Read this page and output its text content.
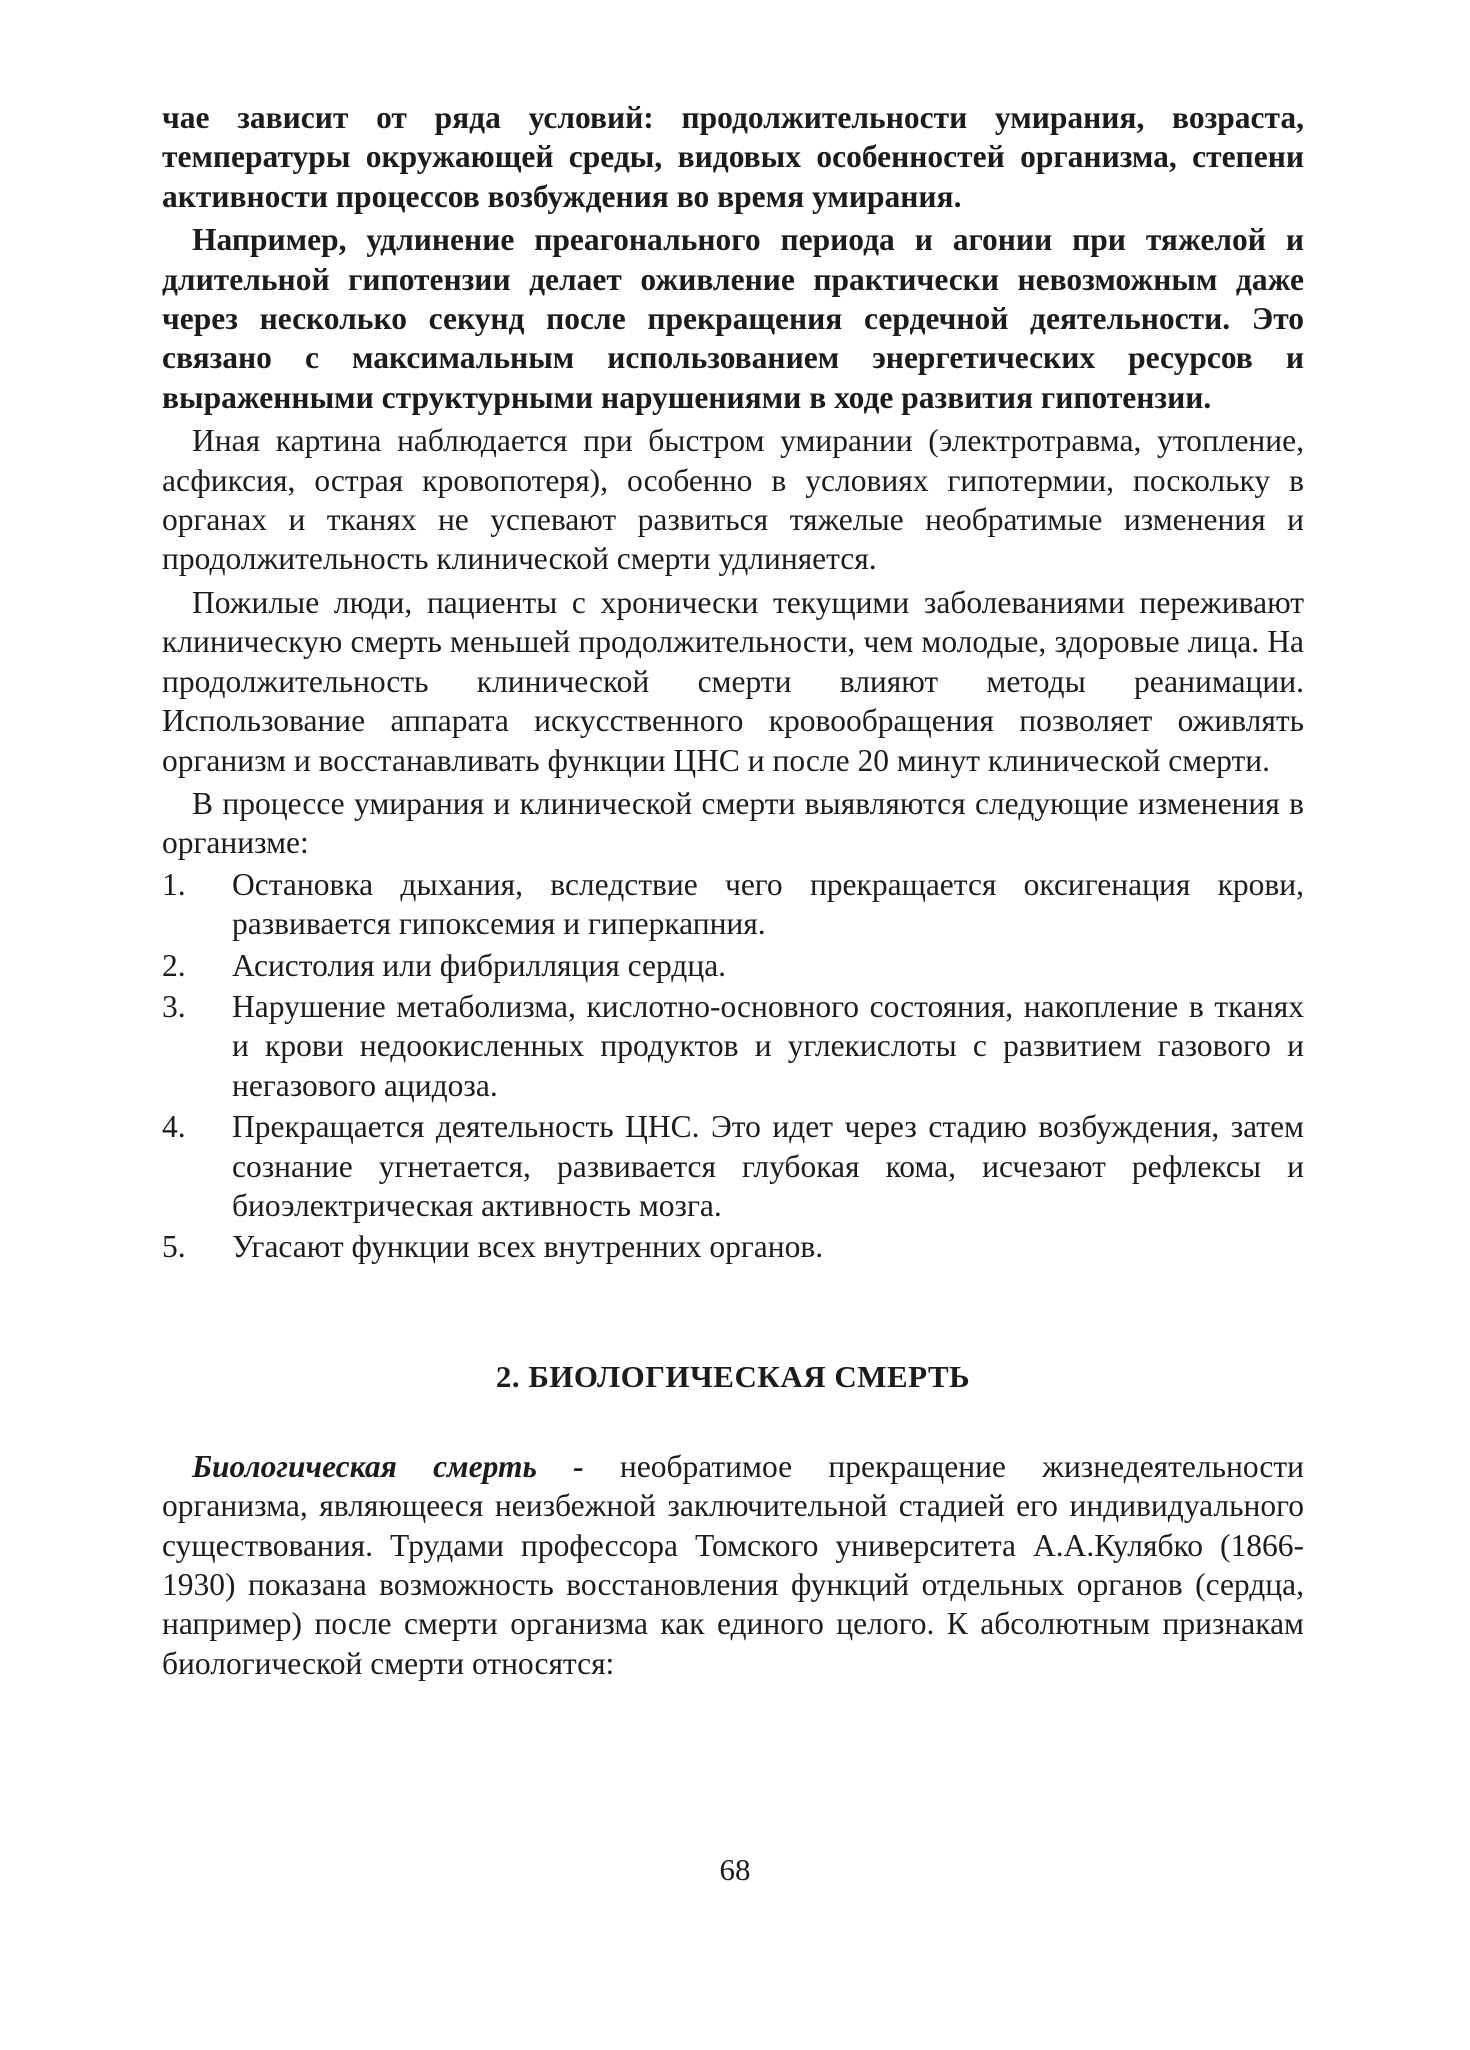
чае зависит от ряда условий: продолжительности умирания, возраста, температуры окружающей среды, видовых особенностей организма, степени активности процессов возбуждения во время умирания.

Например, удлинение преагонального периода и агонии при тяжелой и длительной гипотензии делает оживление практически невозможным даже через несколько секунд после прекращения сердечной деятельности. Это связано с максимальным использованием энергетических ресурсов и выраженными структурными нарушениями в ходе развития гипотензии.

Иная картина наблюдается при быстром умирании (электротравма, утопление, асфиксия, острая кровопотеря), особенно в условиях гипотермии, поскольку в органах и тканях не успевают развиться тяжелые необратимые изменения и продолжительность клинической смерти удлиняется.

Пожилые люди, пациенты с хронически текущими заболеваниями переживают клиническую смерть меньшей продолжительности, чем молодые, здоровые лица. На продолжительность клинической смерти влияют методы реанимации. Использование аппарата искусственного кровообращения позволяет оживлять организм и восстанавливать функции ЦНС и после 20 минут клинической смерти.

В процессе умирания и клинической смерти выявляются следующие изменения в организме:

1.	Остановка дыхания, вследствие чего прекращается оксигенация крови, развивается гипоксемия и гиперкапния.
2.	Асистолия или фибрилляция сердца.
3.	Нарушение метаболизма, кислотно-основного состояния, накопление в тканях и крови недоокисленных продуктов и углекислоты с развитием газового и негазового ацидоза.
4.	Прекращается деятельность ЦНС. Это идет через стадию возбуждения, затем сознание угнетается, развивается глубокая кома, исчезают рефлексы и биоэлектрическая активность мозга.
5.	Угасают функции всех внутренних органов.
2. БИОЛОГИЧЕСКАЯ СМЕРТЬ

Биологическая смерть - необратимое прекращение жизнедеятельности организма, являющееся неизбежной заключительной стадией его индивидуального существования. Трудами профессора Томского университета А.А.Кулябко (1866-1930) показана возможность восстановления функций отдельных органов (сердца, например) после смерти организма как единого целого. К абсолютным признакам биологической смерти относятся:

68
